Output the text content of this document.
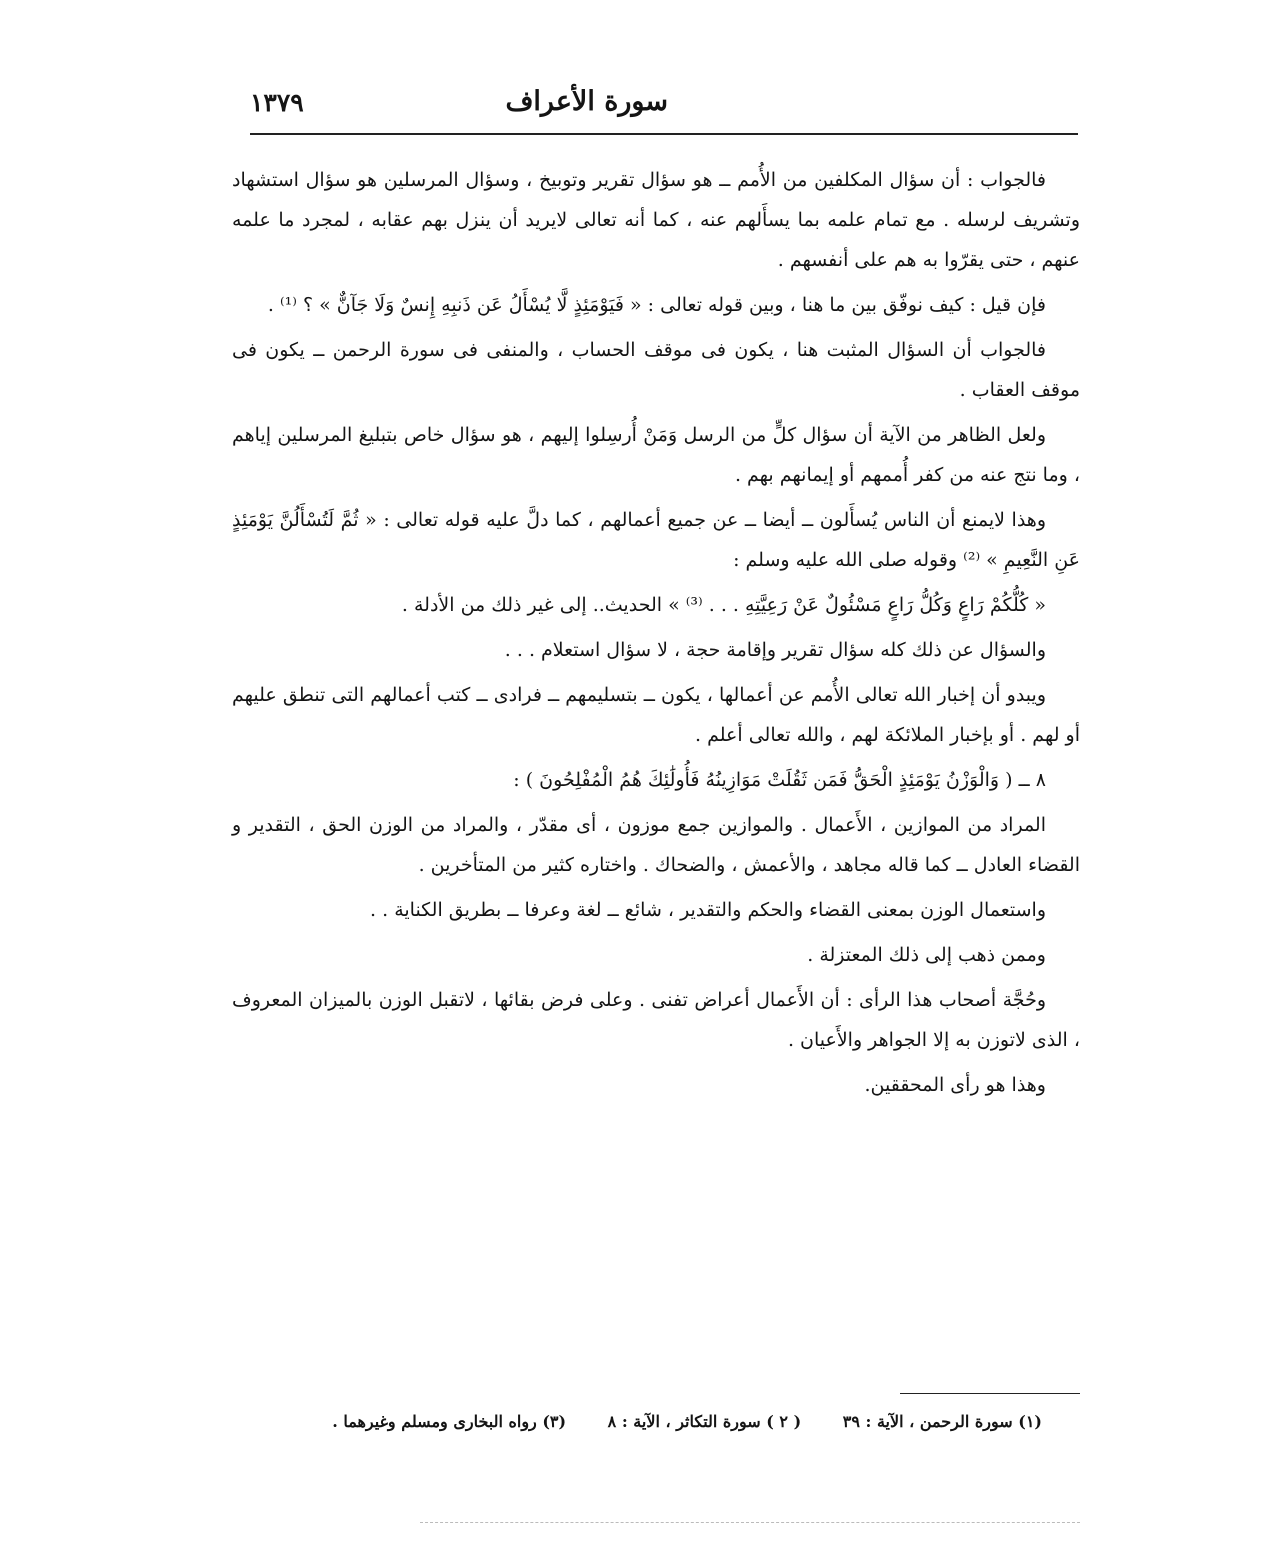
سورة الأعراف
١٣٧٩

فالجواب : أن سؤال المكلفين من الأُمم ــ هو سؤال تقرير وتوبيخ ، وسؤال المرسلين هو سؤال استشهاد وتشريف لرسله . مع تمام علمه بما يسأَلهم عنه ، كما أنه تعالى لايريد أن ينزل بهم عقابه ، لمجرد ما علمه عنهم ، حتى يقرّوا به هم على أنفسهم .

فإن قيل : كيف نوفّق بين ما هنا ، وبين قوله تعالى : « فَيَوْمَئِذٍ لَّا يُسْأَلُ عَن ذَنبِهِ إِنسٌ وَلَا جَآنٌّ » ؟ ⁽¹⁾ .

فالجواب أن السؤال المثبت هنا ، يكون فى موقف الحساب ، والمنفى فى سورة الرحمن ــ يكون فى موقف العقاب .

ولعل الظاهر من الآية أن سؤال كلٍّ من الرسل وَمَنْ أُرسِلوا إليهم ، هو سؤال خاص بتبليغ المرسلين إياهم ، وما نتج عنه من كفر أُممهم أو إيمانهم بهم .

وهذا لايمنع أن الناس يُسأَلون ــ أيضا ــ عن جميع أعمالهم ، كما دلَّ عليه قوله تعالى : « ثُمَّ لَتُسْأَلُنَّ يَوْمَئِذٍ عَنِ النَّعِيمِ » ⁽²⁾ وقوله صلى الله عليه وسلم :

« كُلُّكُمْ رَاعٍ وَكُلُّ رَاعٍ مَسْئُولٌ عَنْ رَعِيَّتِهِ . . . ⁽³⁾ » الحديث.. إلى غير ذلك من الأدلة .

والسؤال عن ذلك كله سؤال تقرير وإقامة حجة ، لا سؤال استعلام . . .

ويبدو أن إخبار الله تعالى الأُمم عن أعمالها ، يكون ــ بتسليمهم ــ فرادى ــ كتب أعمالهم التى تنطق عليهم أو لهم . أو بإخبار الملائكة لهم ، والله تعالى أعلم .

٨ ــ ( وَالْوَزْنُ يَوْمَئِذٍ الْحَقُّ فَمَن ثَقُلَتْ مَوَازِينُهُ فَأُولَٰئِكَ هُمُ الْمُفْلِحُونَ ) :

المراد من الموازين ، الأَعمال . والموازين جمع موزون ، أى مقدّر ، والمراد من الوزن الحق ، التقدير و القضاء العادل ــ كما قاله مجاهد ، والأعمش ، والضحاك . واختاره كثير من المتأخرين .

واستعمال الوزن بمعنى القضاء والحكم والتقدير ، شائع ــ لغة وعرفا ــ بطريق الكناية . .

وممن ذهب إلى ذلك المعتزلة .

وحُجَّة أصحاب هذا الرأى : أن الأَعمال أعراض تفنى . وعلى فرض بقائها ، لاتقبل الوزن بالميزان المعروف ، الذى لاتوزن به إلا الجواهر والأَعيان .

وهذا هو رأى المحققين.

(١) سورة الرحمن ، الآية : ٣٩ ( ٢ ) سورة التكاثر ، الآية : ٨ (٣) رواه البخارى ومسلم وغيرهما .
